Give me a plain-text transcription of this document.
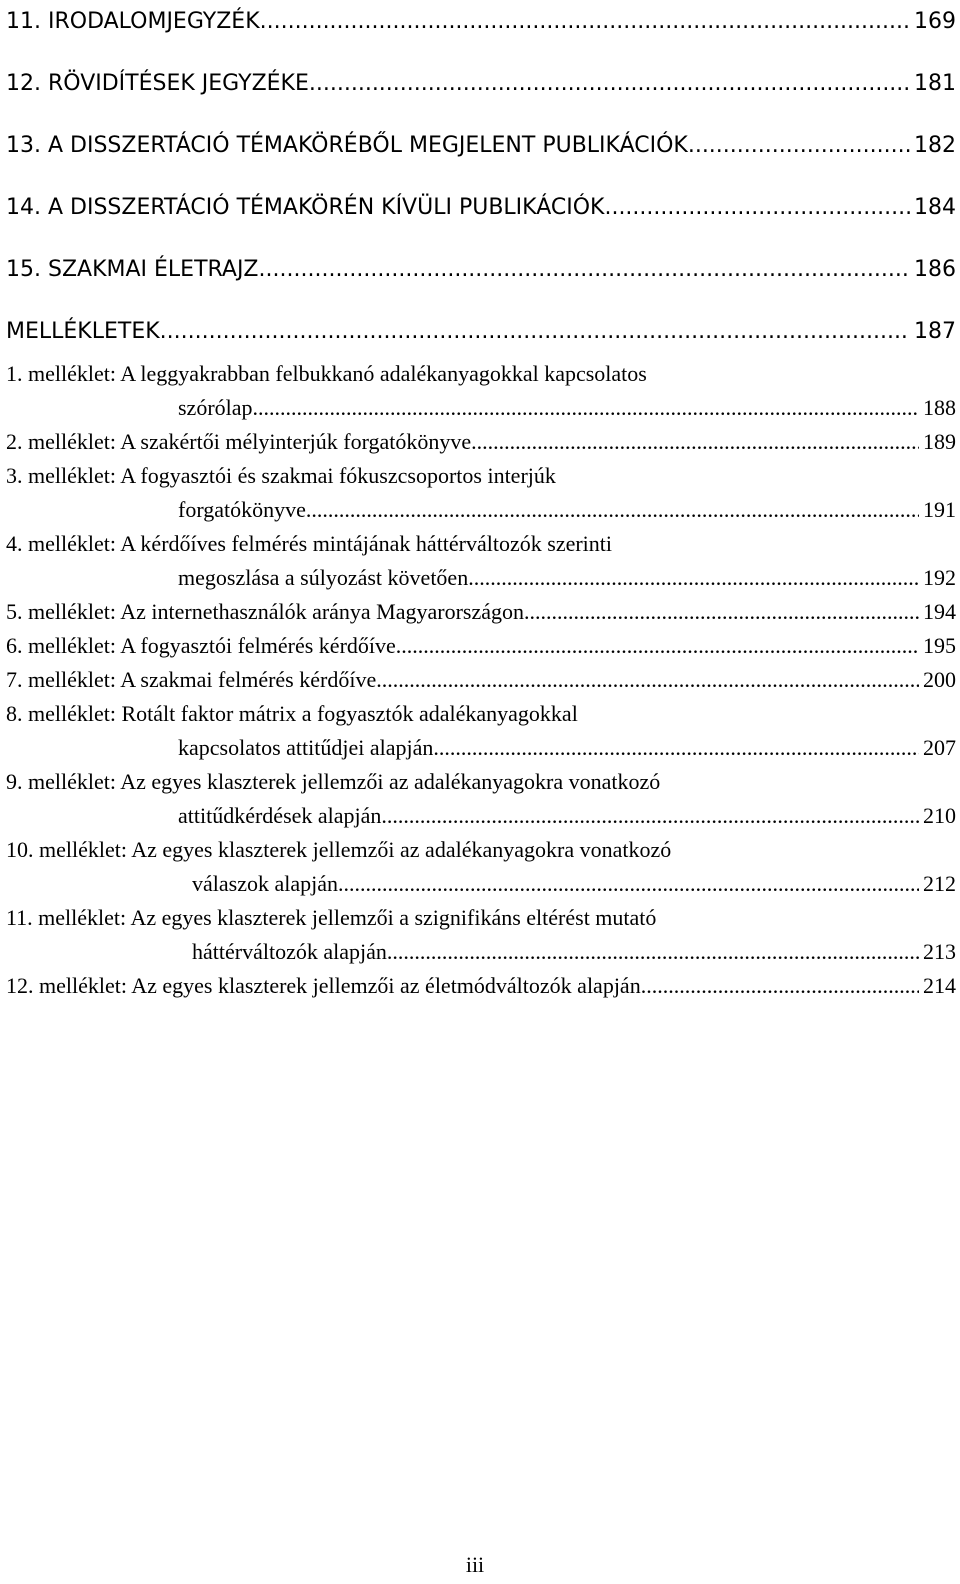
11. IRODALOMJEGYZÉK .....	169
12. RÖVIDÍTÉSEK JEGYZÉKE .....	181
13. A DISSZERTÁCIÓ TÉMAKÖRÉBŐL MEGJELENT PUBLIKÁCIÓK .....	182
14. A DISSZERTÁCIÓ TÉMAKÖRÉN KÍVÜLI PUBLIKÁCIÓK .....	184
15. SZAKMAI ÉLETRAJZ .....	186
MELLÉKLETEK .....	187
1. melléklet: A leggyakrabban felbukkanó adalékanyagokkal kapcsolatos
szórólap .....	188
2. melléklet: A szakértői mélyinterjúk forgatókönyve .....	189
3. melléklet: A fogyasztói és szakmai fókuszcsoportos interjúk
forgatókönyve .....	191
4. melléklet: A kérdőíves felmérés mintájának háttérváltozók szerinti
megoszlása a súlyozást követően .....	192
5. melléklet: Az internethasználók aránya Magyarországon .....	194
6. melléklet: A fogyasztói felmérés kérdőíve .....	195
7. melléklet: A szakmai felmérés kérdőíve .....	200
8. melléklet: Rotált faktor mátrix a fogyasztók adalékanyagokkal
kapcsolatos attitűdjei alapján .....	207
9. melléklet: Az egyes klaszterek jellemzői az adalékanyagokra vonatkozó
attitűdkérdések alapján .....	210
10. melléklet: Az egyes klaszterek jellemzői az adalékanyagokra vonatkozó
válaszok alapján .....	212
11. melléklet: Az egyes klaszterek jellemzői a szignifikáns eltérést mutató
háttérváltozók alapján .....	213
12. melléklet: Az egyes klaszterek jellemzői az életmódváltozók alapján .....	214
iii
